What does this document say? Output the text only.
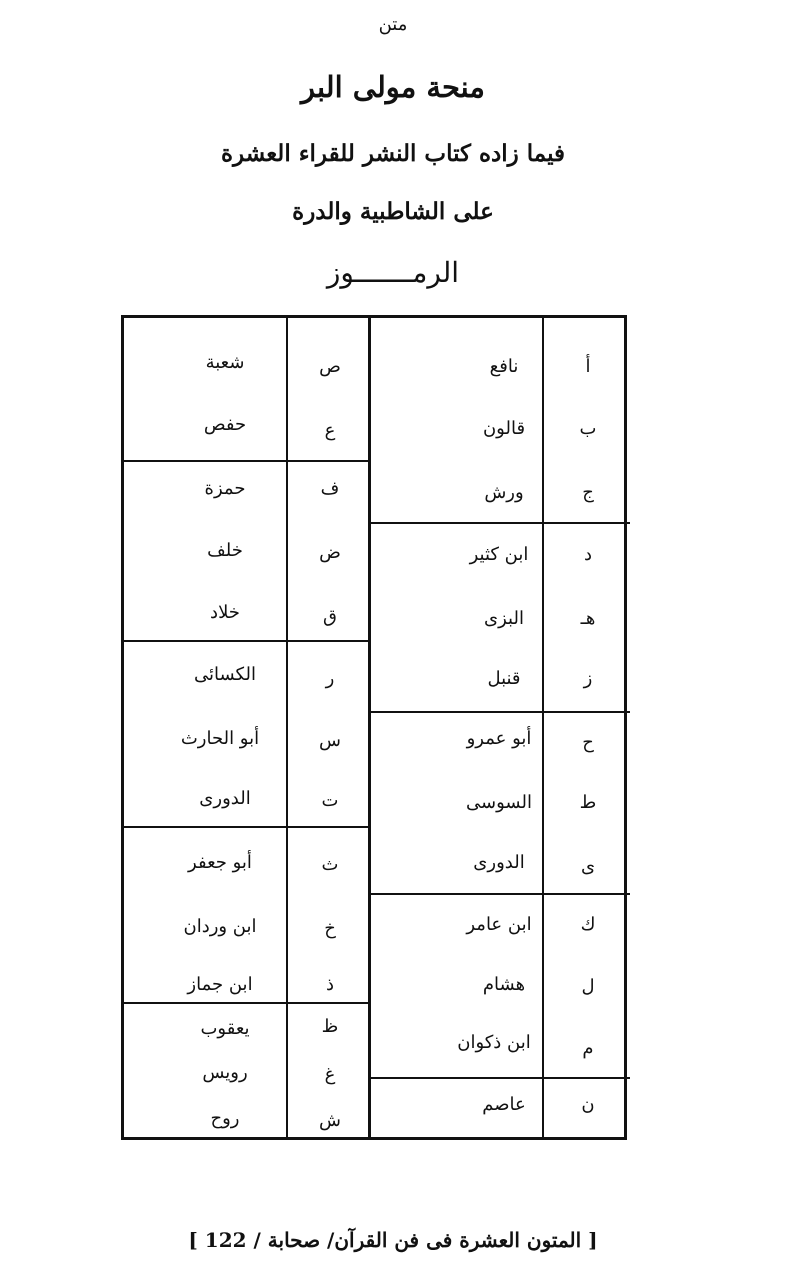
متن
منحة مولى البر
فيما زاده كتاب النشر للقراء العشرة
على الشاطبية والدرة
الرمـــــــوز
أ
نافع
ب
قالون
ج
ورش
د
ابن كثير
هـ
البزى
ز
قنبل
ح
أبو عمرو
ط
السوسى
ى
الدورى
ك
ابن عامر
ل
هشام
م
ابن ذكوان
ن
عاصم
ص
شعبة
ع
حفص
ف
حمزة
ض
خلف
ق
خلاد
ر
الكسائى
س
أبو الحارث
ت
الدورى
ث
أبو جعفر
خ
ابن وردان
ذ
ابن جماز
ظ
يعقوب
غ
رويس
ش
روح
[ 122 / المتون العشرة فى فن القرآن/ صحابة ]
